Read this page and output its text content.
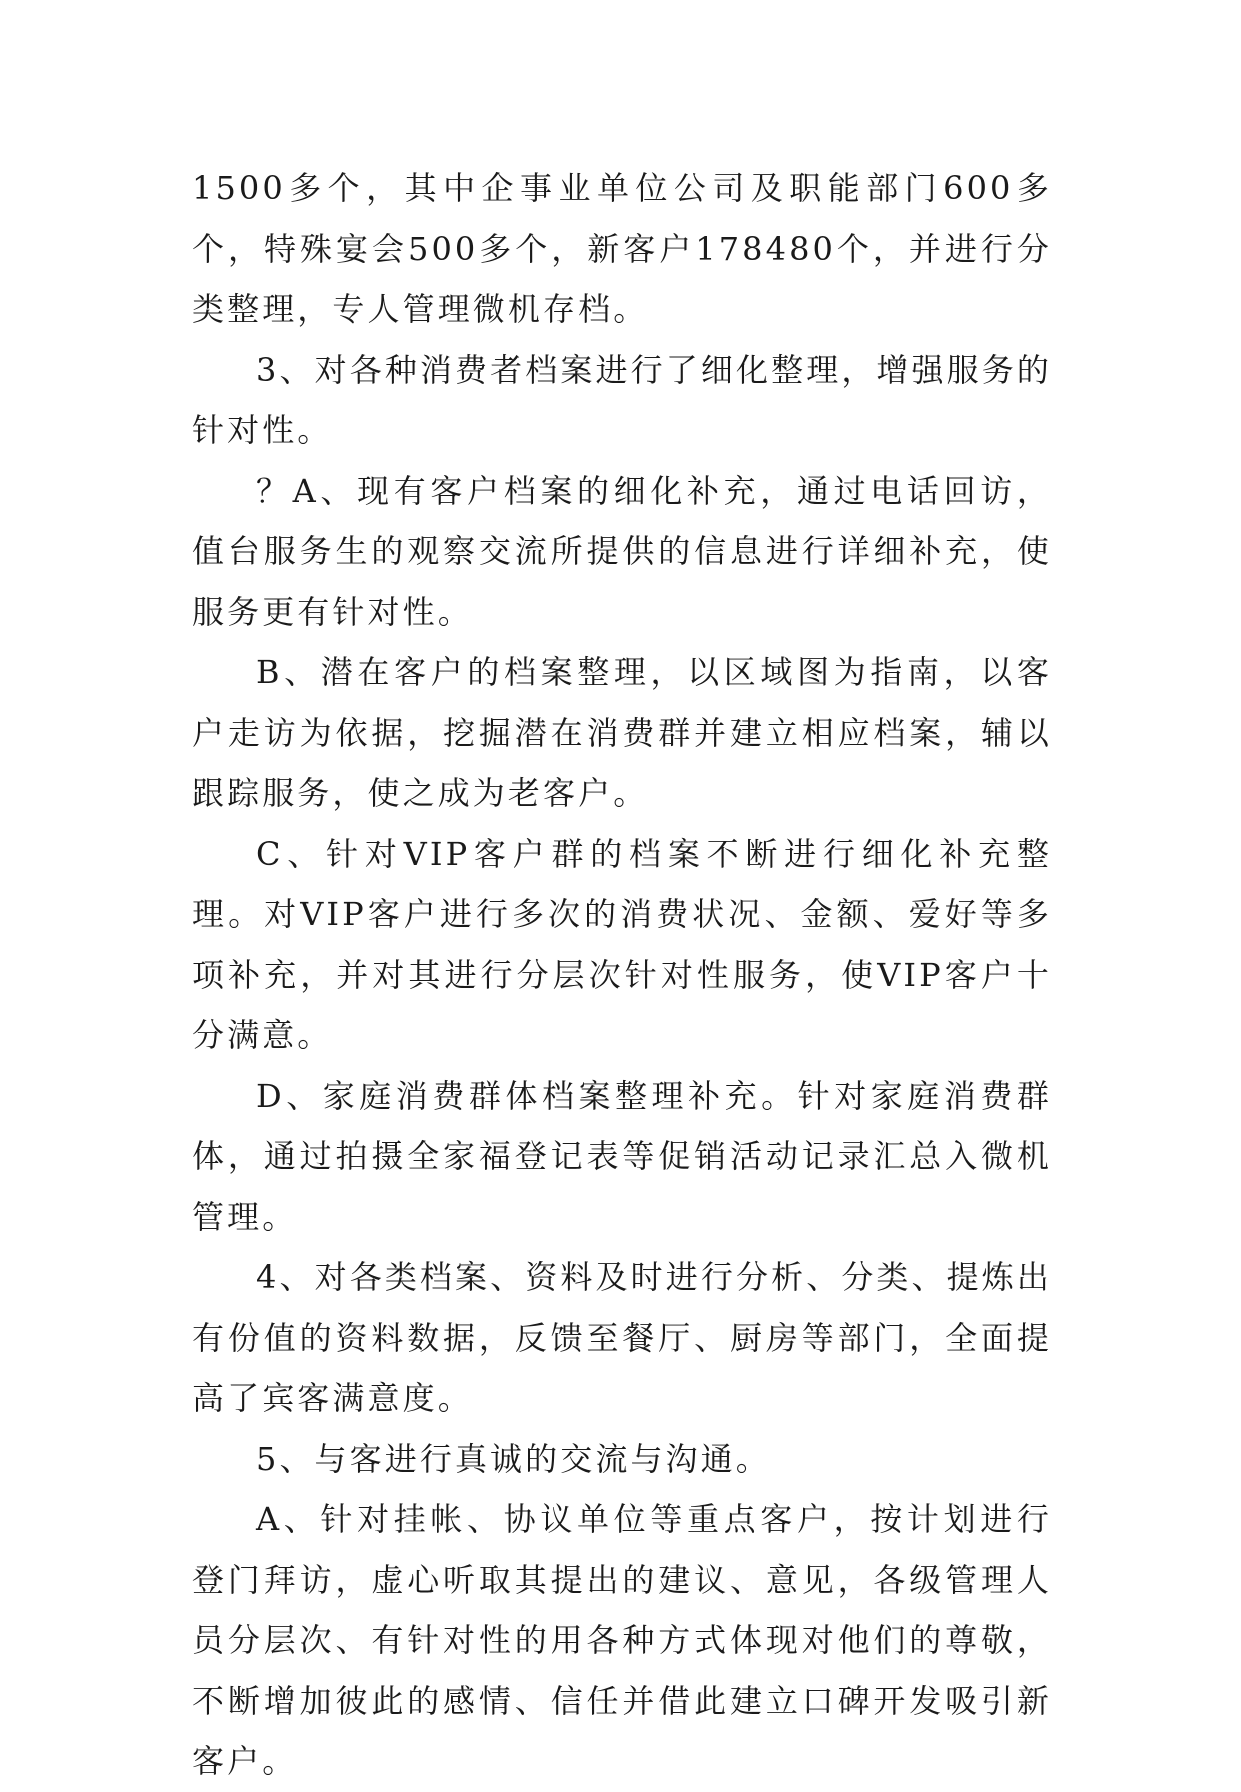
1500多个，其中企事业单位公司及职能部门600多个，特殊宴会500多个，新客户178480个，并进行分类整理，专人管理微机存档。

3、对各种消费者档案进行了细化整理，增强服务的针对性。

？A、现有客户档案的细化补充，通过电话回访，值台服务生的观察交流所提供的信息进行详细补充，使服务更有针对性。

B、潜在客户的档案整理，以区域图为指南，以客户走访为依据，挖掘潜在消费群并建立相应档案，辅以跟踪服务，使之成为老客户。

C、针对VIP客户群的档案不断进行细化补充整理。对VIP客户进行多次的消费状况、金额、爱好等多项补充，并对其进行分层次针对性服务，使VIP客户十分满意。

D、家庭消费群体档案整理补充。针对家庭消费群体，通过拍摄全家福登记表等促销活动记录汇总入微机管理。

4、对各类档案、资料及时进行分析、分类、提炼出有份值的资料数据，反馈至餐厅、厨房等部门，全面提高了宾客满意度。

5、与客进行真诚的交流与沟通。

A、针对挂帐、协议单位等重点客户，按计划进行登门拜访，虚心听取其提出的建议、意见，各级管理人员分层次、有针对性的用各种方式体现对他们的尊敬，不断增加彼此的感情、信任并借此建立口碑开发吸引新客户。
